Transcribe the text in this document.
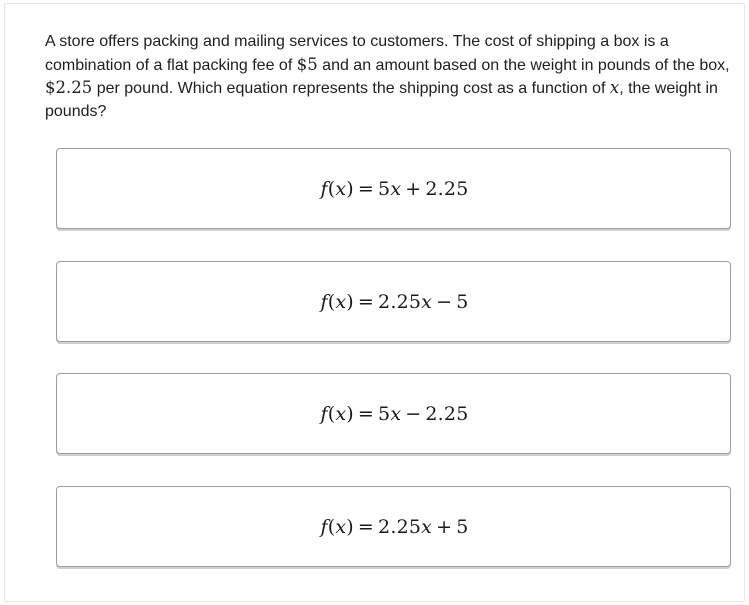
A store offers packing and mailing services to customers. The cost of shipping a box is a combination of a flat packing fee of $5 and an amount based on the weight in pounds of the box, $2.25 per pound. Which equation represents the shipping cost as a function of x, the weight in pounds?

f(x)  =  5x  +  2.25
f(x)  =  2.25x  −  5
f(x)  =  5x  −  2.25
f(x)  =  2.25x  +  5
